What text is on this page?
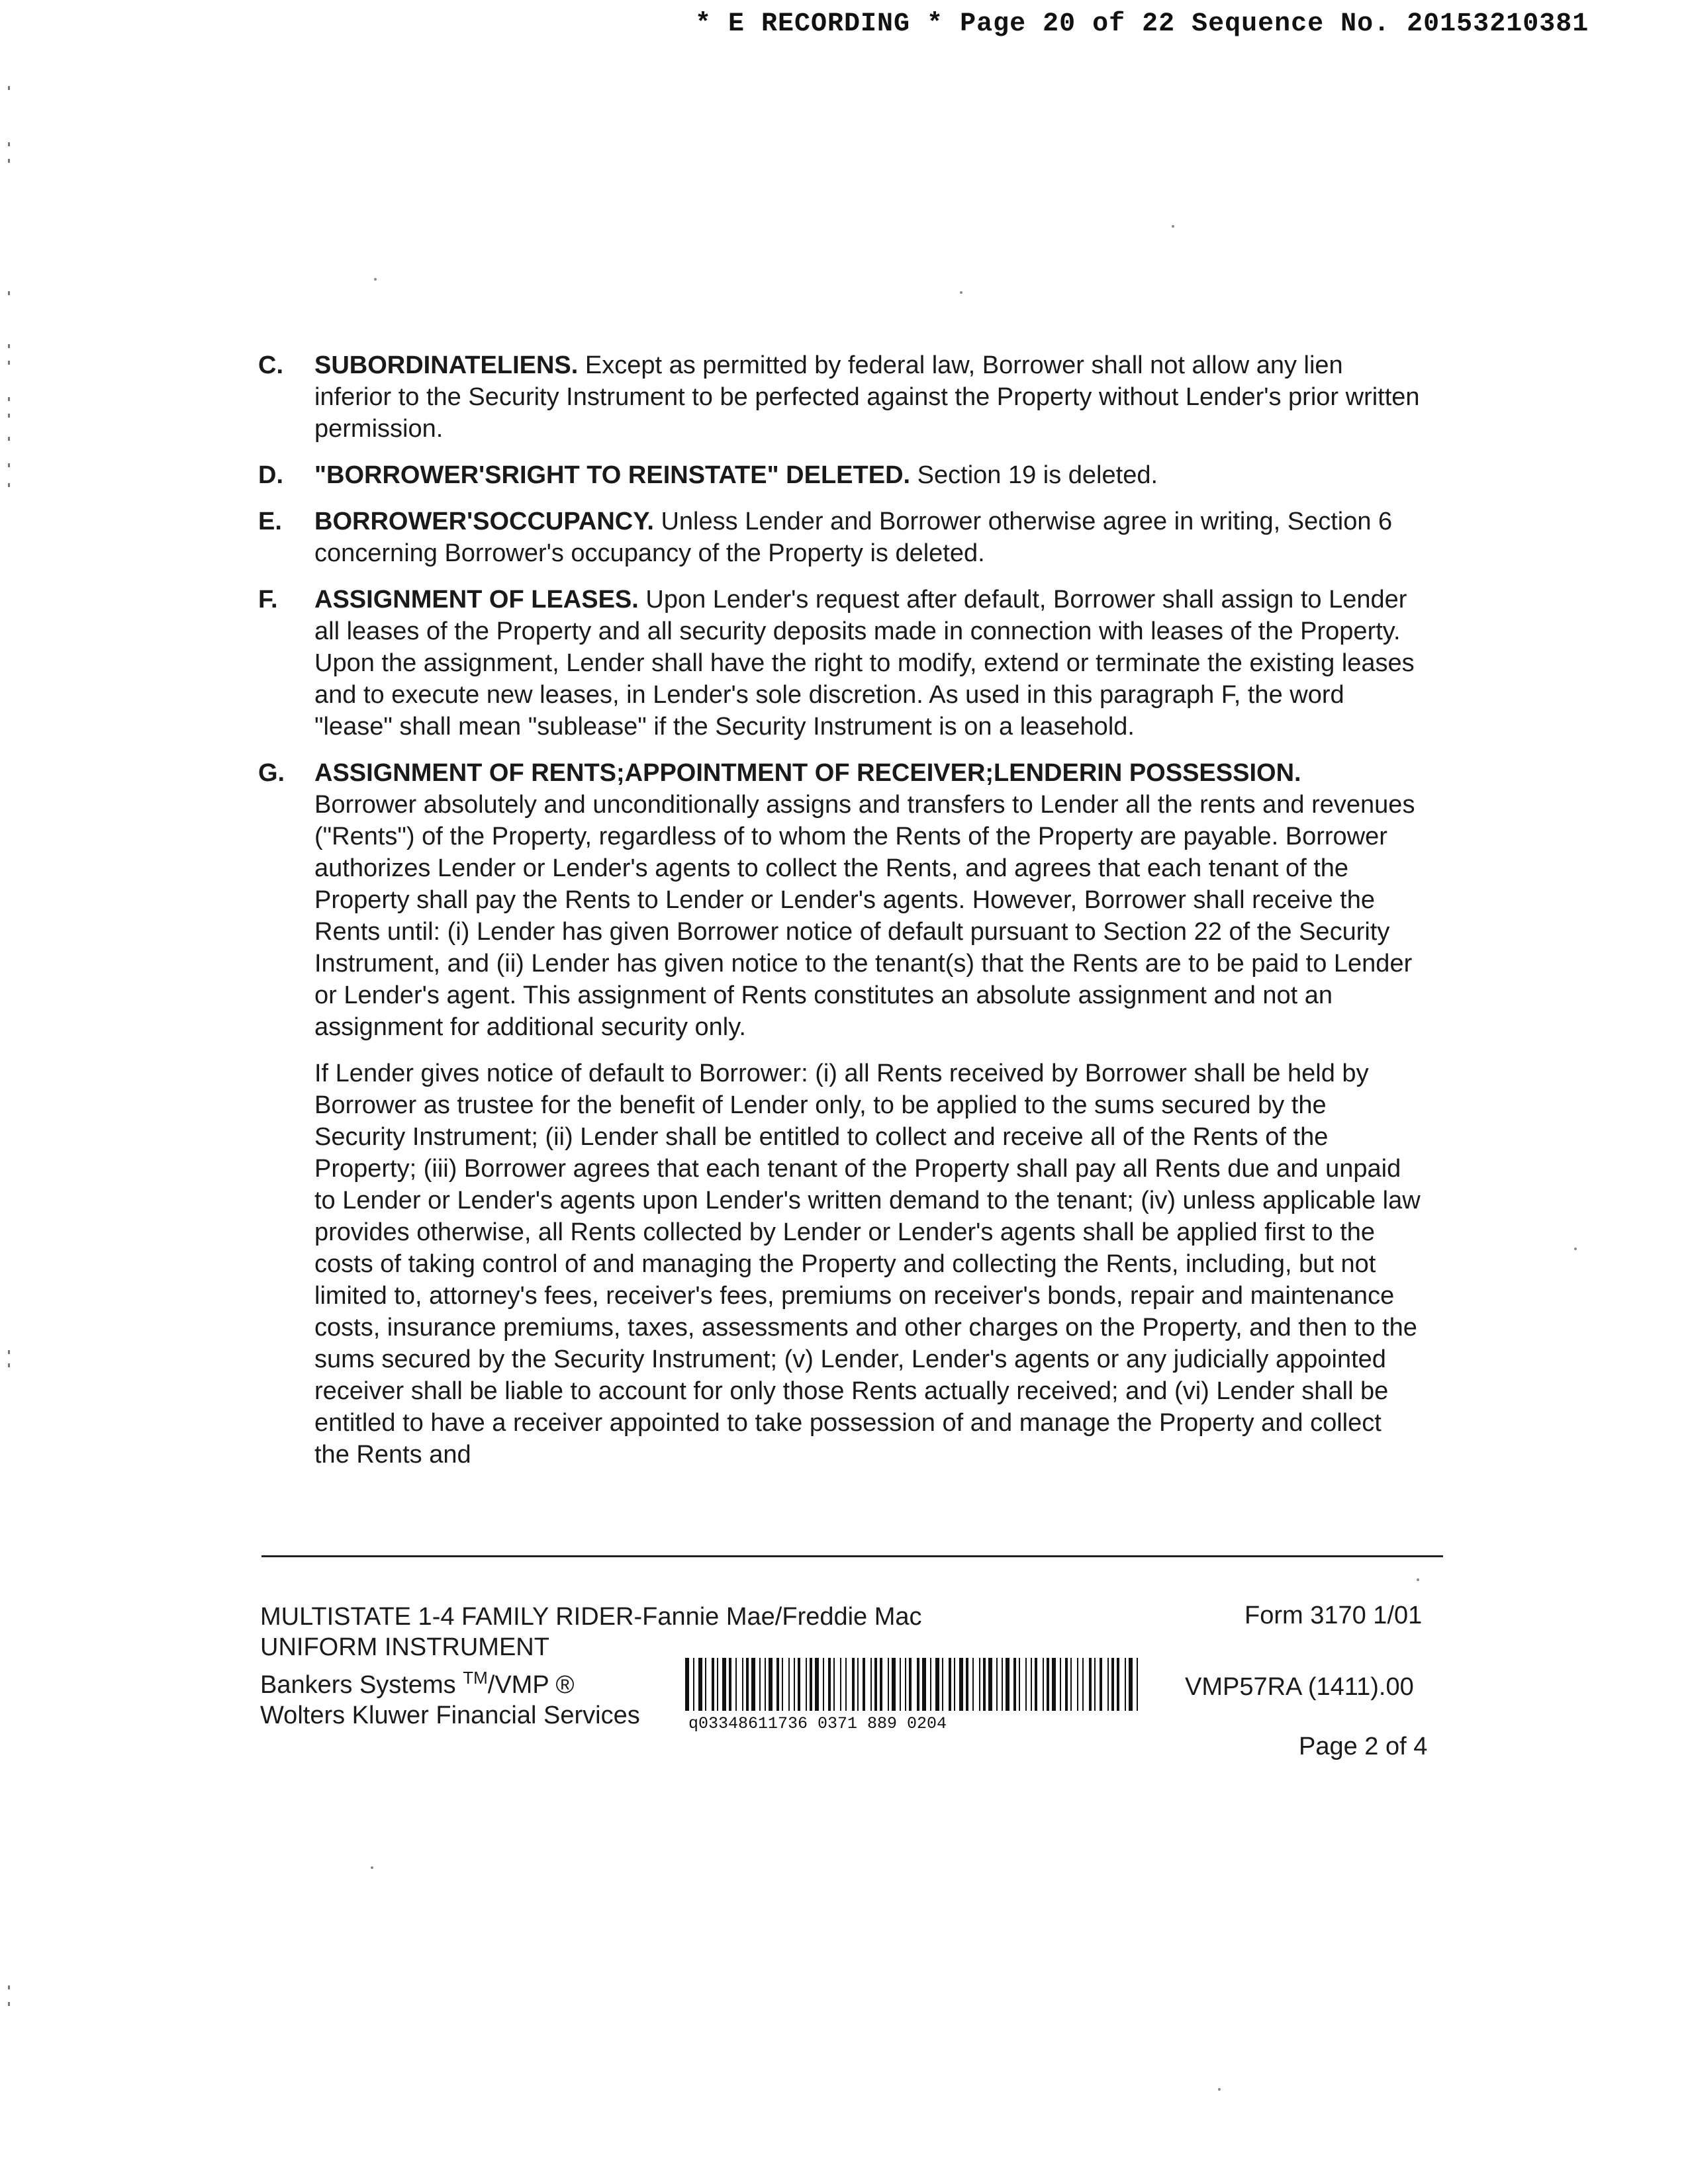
* E RECORDING * Page 20 of 22 Sequence No. 20153210381
C. SUBORDINATELIENS. Except as permitted by federal law, Borrower shall not allow any lien inferior to the Security Instrument to be perfected against the Property without Lender's prior written permission.
D. "BORROWER'SRIGHT TO REINSTATE" DELETED. Section 19 is deleted.
E. BORROWER'SOCCUPANCY. Unless Lender and Borrower otherwise agree in writing, Section 6 concerning Borrower's occupancy of the Property is deleted.
F. ASSIGNMENT OF LEASES. Upon Lender's request after default, Borrower shall assign to Lender all leases of the Property and all security deposits made in connection with leases of the Property. Upon the assignment, Lender shall have the right to modify, extend or terminate the existing leases and to execute new leases, in Lender's sole discretion. As used in this paragraph F, the word "lease" shall mean "sublease" if the Security Instrument is on a leasehold.
G. ASSIGNMENT OF RENTS;APPOINTMENT OF RECEIVER;LENDERIN POSSESSION.
Borrower absolutely and unconditionally assigns and transfers to Lender all the rents and revenues ("Rents") of the Property, regardless of to whom the Rents of the Property are payable. Borrower authorizes Lender or Lender's agents to collect the Rents, and agrees that each tenant of the Property shall pay the Rents to Lender or Lender's agents. However, Borrower shall receive the Rents until: (i) Lender has given Borrower notice of default pursuant to Section 22 of the Security Instrument, and (ii) Lender has given notice to the tenant(s) that the Rents are to be paid to Lender or Lender's agent. This assignment of Rents constitutes an absolute assignment and not an assignment for additional security only.
If Lender gives notice of default to Borrower: (i) all Rents received by Borrower shall be held by Borrower as trustee for the benefit of Lender only, to be applied to the sums secured by the Security Instrument; (ii) Lender shall be entitled to collect and receive all of the Rents of the Property; (iii) Borrower agrees that each tenant of the Property shall pay all Rents due and unpaid to Lender or Lender's agents upon Lender's written demand to the tenant; (iv) unless applicable law provides otherwise, all Rents collected by Lender or Lender's agents shall be applied first to the costs of taking control of and managing the Property and collecting the Rents, including, but not limited to, attorney's fees, receiver's fees, premiums on receiver's bonds, repair and maintenance costs, insurance premiums, taxes, assessments and other charges on the Property, and then to the sums secured by the Security Instrument; (v) Lender, Lender's agents or any judicially appointed receiver shall be liable to account for only those Rents actually received; and (vi) Lender shall be entitled to have a receiver appointed to take possession of and manage the Property and collect the Rents and
MULTISTATE 1-4 FAMILY RIDER-Fannie Mae/Freddie Mac
UNIFORM INSTRUMENT
Bankers Systems ™/VMP ®
Wolters Kluwer Financial Services
Form 3170 1/01
VMP57RA (1411).00
Page 2 of 4
q03348611736 0371 889 0204
